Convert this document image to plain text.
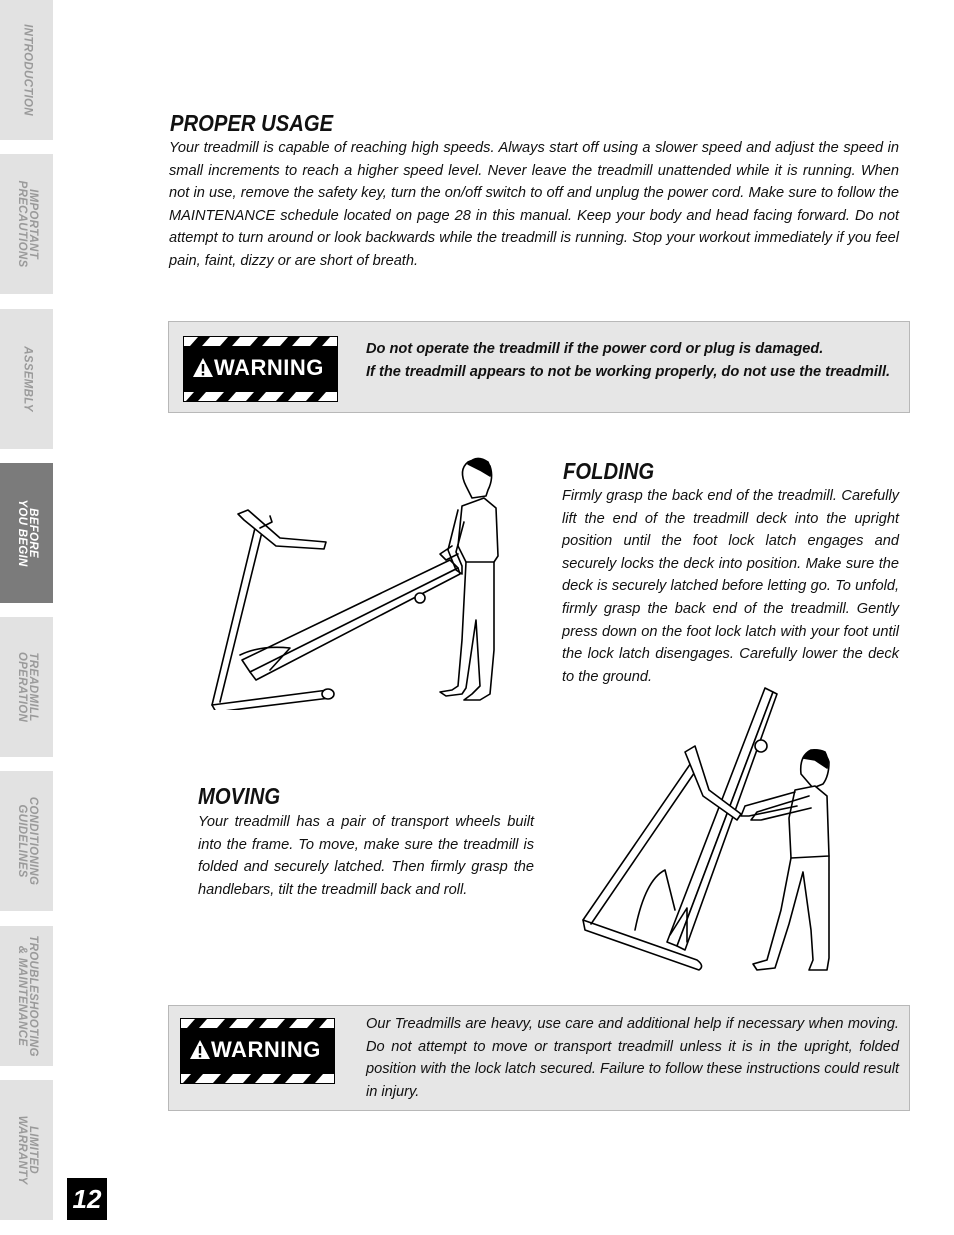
INTRODUCTION
IMPORTANT
PRECAUTIONS
ASSEMBLY
BEFORE
YOU BEGIN
TREADMILL
OPERATION
CONDITIONING
GUIDELINES
TROUBLESHOOTING
& MAINTENANCE
LIMITED
WARRANTY
12
PROPER USAGE

Your treadmill is capable of reaching high speeds. Always start off using a slower speed and adjust the speed in small increments to reach a higher speed level. Never leave the treadmill unattended while it is running. When not in use, remove the safety key, turn the on/off switch to off and unplug the power cord. Make sure to follow the MAINTENANCE schedule located on page 28 in this manual. Keep your body and head facing forward. Do not attempt to turn around or look backwards while the treadmill is running. Stop your workout immediately if you feel pain, faint, dizzy or are short of breath.

WARNING

Do not operate the treadmill if the power cord or plug is damaged.

If the treadmill appears to not be working properly, do not use the treadmill.

FOLDING

Firmly grasp the back end of the treadmill. Carefully lift the end of the treadmill deck into the upright position until the foot lock latch engages and securely locks the deck into position. Make sure the deck is securely latched before letting go. To unfold, firmly grasp the back end of the treadmill. Gently press down on the foot lock latch with your foot until the lock latch disengages. Carefully lower the deck to the ground.

MOVING

Your treadmill has a pair of transport wheels built into the frame. To move, make sure the treadmill is folded and securely latched. Then firmly grasp the handlebars, tilt the treadmill back and roll.

WARNING

Our Treadmills are heavy, use care and additional help if necessary when moving. Do not attempt to move or transport treadmill unless it is in the upright, folded position with the lock latch secured. Failure to follow these instructions could result in injury.
